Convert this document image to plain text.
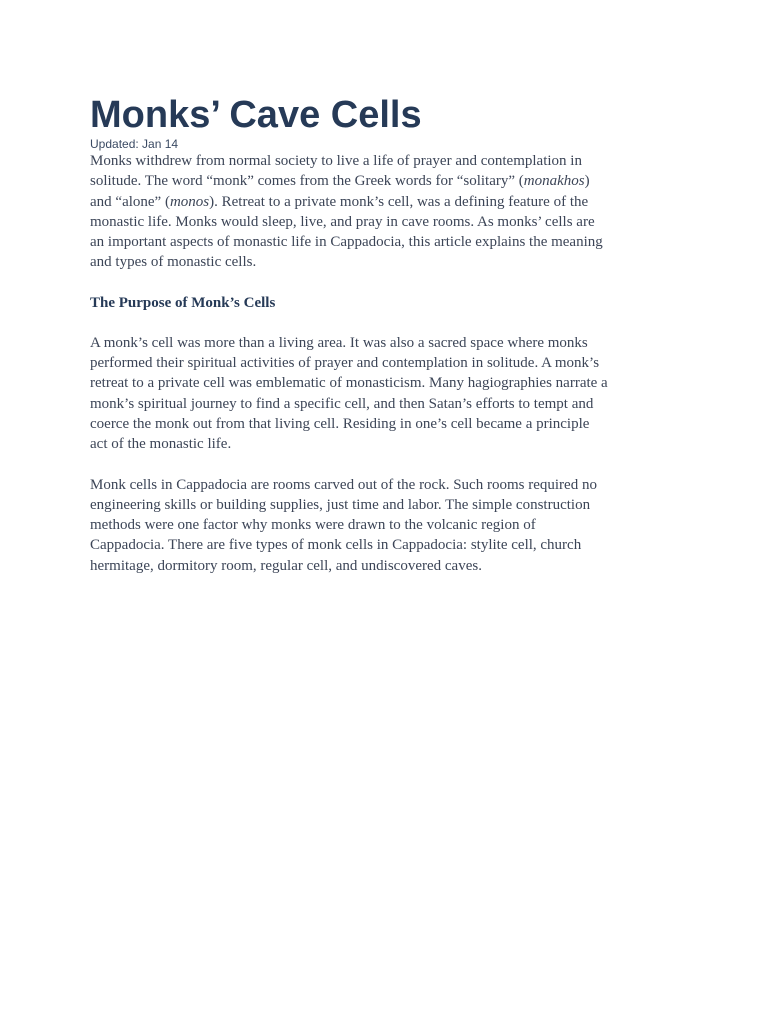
Monks’ Cave Cells

Updated: Jan 14

Monks withdrew from normal society to live a life of prayer and contemplation in
solitude. The word “monk” comes from the Greek words for “solitary” (monakhos)
and “alone” (monos). Retreat to a private monk’s cell, was a defining feature of the
monastic life. Monks would sleep, live, and pray in cave rooms. As monks’ cells are
an important aspects of monastic life in Cappadocia, this article explains the meaning
and types of monastic cells.

The Purpose of Monk’s Cells

A monk’s cell was more than a living area. It was also a sacred space where monks
performed their spiritual activities of prayer and contemplation in solitude. A monk’s
retreat to a private cell was emblematic of monasticism. Many hagiographies narrate a
monk’s spiritual journey to find a specific cell, and then Satan’s efforts to tempt and
coerce the monk out from that living cell. Residing in one’s cell became a principle
act of the monastic life.

Monk cells in Cappadocia are rooms carved out of the rock. Such rooms required no
engineering skills or building supplies, just time and labor. The simple construction
methods were one factor why monks were drawn to the volcanic region of
Cappadocia. There are five types of monk cells in Cappadocia: stylite cell, church
hermitage, dormitory room, regular cell, and undiscovered caves.
